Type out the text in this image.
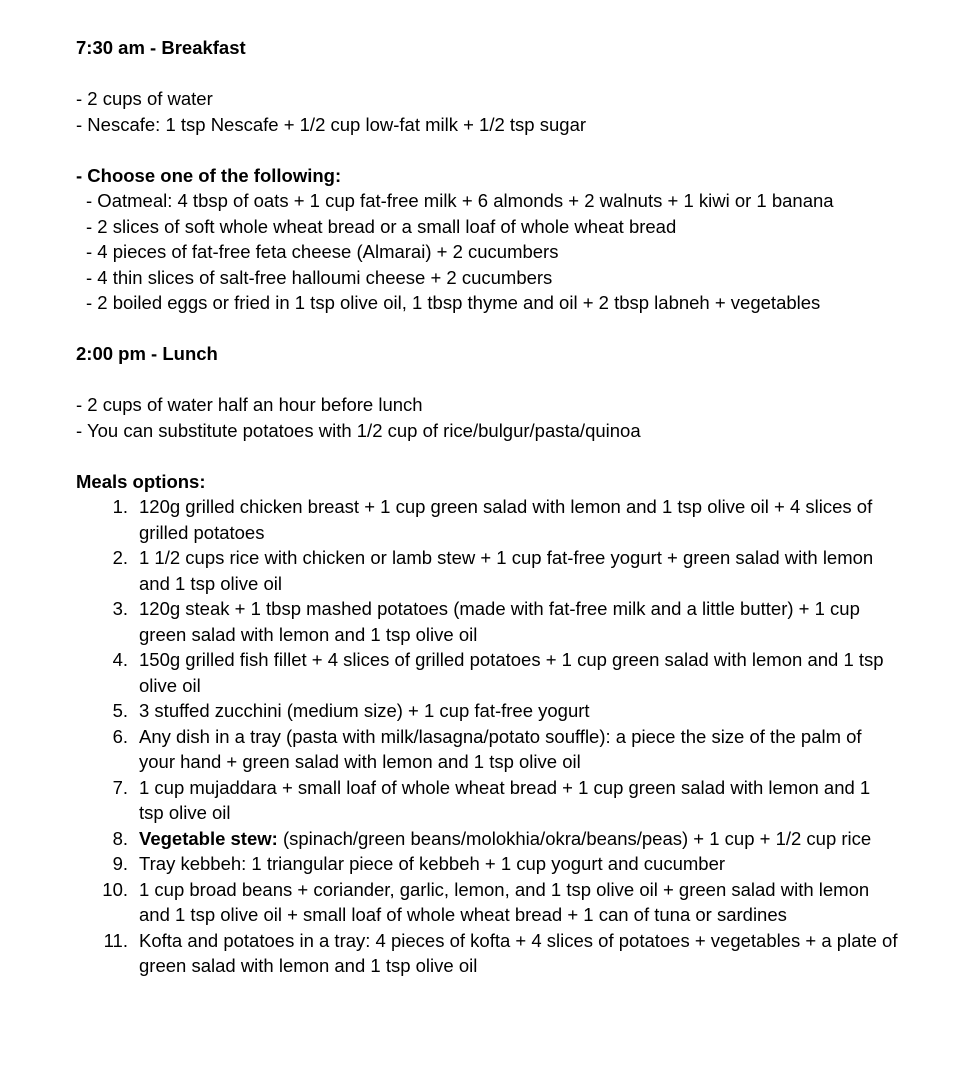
7:30 am - Breakfast
- 2 cups of water
- Nescafe: 1 tsp Nescafe + 1/2 cup low-fat milk + 1/2 tsp sugar
- Choose one of the following:
- Oatmeal: 4 tbsp of oats + 1 cup fat-free milk + 6 almonds + 2 walnuts + 1 kiwi or 1 banana
- 2 slices of soft whole wheat bread or a small loaf of whole wheat bread
- 4 pieces of fat-free feta cheese (Almarai) + 2 cucumbers
- 4 thin slices of salt-free halloumi cheese + 2 cucumbers
- 2 boiled eggs or fried in 1 tsp olive oil, 1 tbsp thyme and oil + 2 tbsp labneh + vegetables
2:00 pm - Lunch
- 2 cups of water half an hour before lunch
- You can substitute potatoes with 1/2 cup of rice/bulgur/pasta/quinoa
Meals options:
1. 120g grilled chicken breast + 1 cup green salad with lemon and 1 tsp olive oil + 4 slices of grilled potatoes
2. 1 1/2 cups rice with chicken or lamb stew + 1 cup fat-free yogurt + green salad with lemon and 1 tsp olive oil
3. 120g steak + 1 tbsp mashed potatoes (made with fat-free milk and a little butter) + 1 cup green salad with lemon and 1 tsp olive oil
4. 150g grilled fish fillet + 4 slices of grilled potatoes + 1 cup green salad with lemon and 1 tsp olive oil
5. 3 stuffed zucchini (medium size) + 1 cup fat-free yogurt
6. Any dish in a tray (pasta with milk/lasagna/potato souffle): a piece the size of the palm of your hand + green salad with lemon and 1 tsp olive oil
7. 1 cup mujaddara + small loaf of whole wheat bread + 1 cup green salad with lemon and 1 tsp olive oil
8. Vegetable stew: (spinach/green beans/molokhia/okra/beans/peas) + 1 cup + 1/2 cup rice
9. Tray kebbeh: 1 triangular piece of kebbeh + 1 cup yogurt and cucumber
10. 1 cup broad beans + coriander, garlic, lemon, and 1 tsp olive oil + green salad with lemon and 1 tsp olive oil + small loaf of whole wheat bread + 1 can of tuna or sardines
11. Kofta and potatoes in a tray: 4 pieces of kofta + 4 slices of potatoes + vegetables + a plate of green salad with lemon and 1 tsp olive oil
